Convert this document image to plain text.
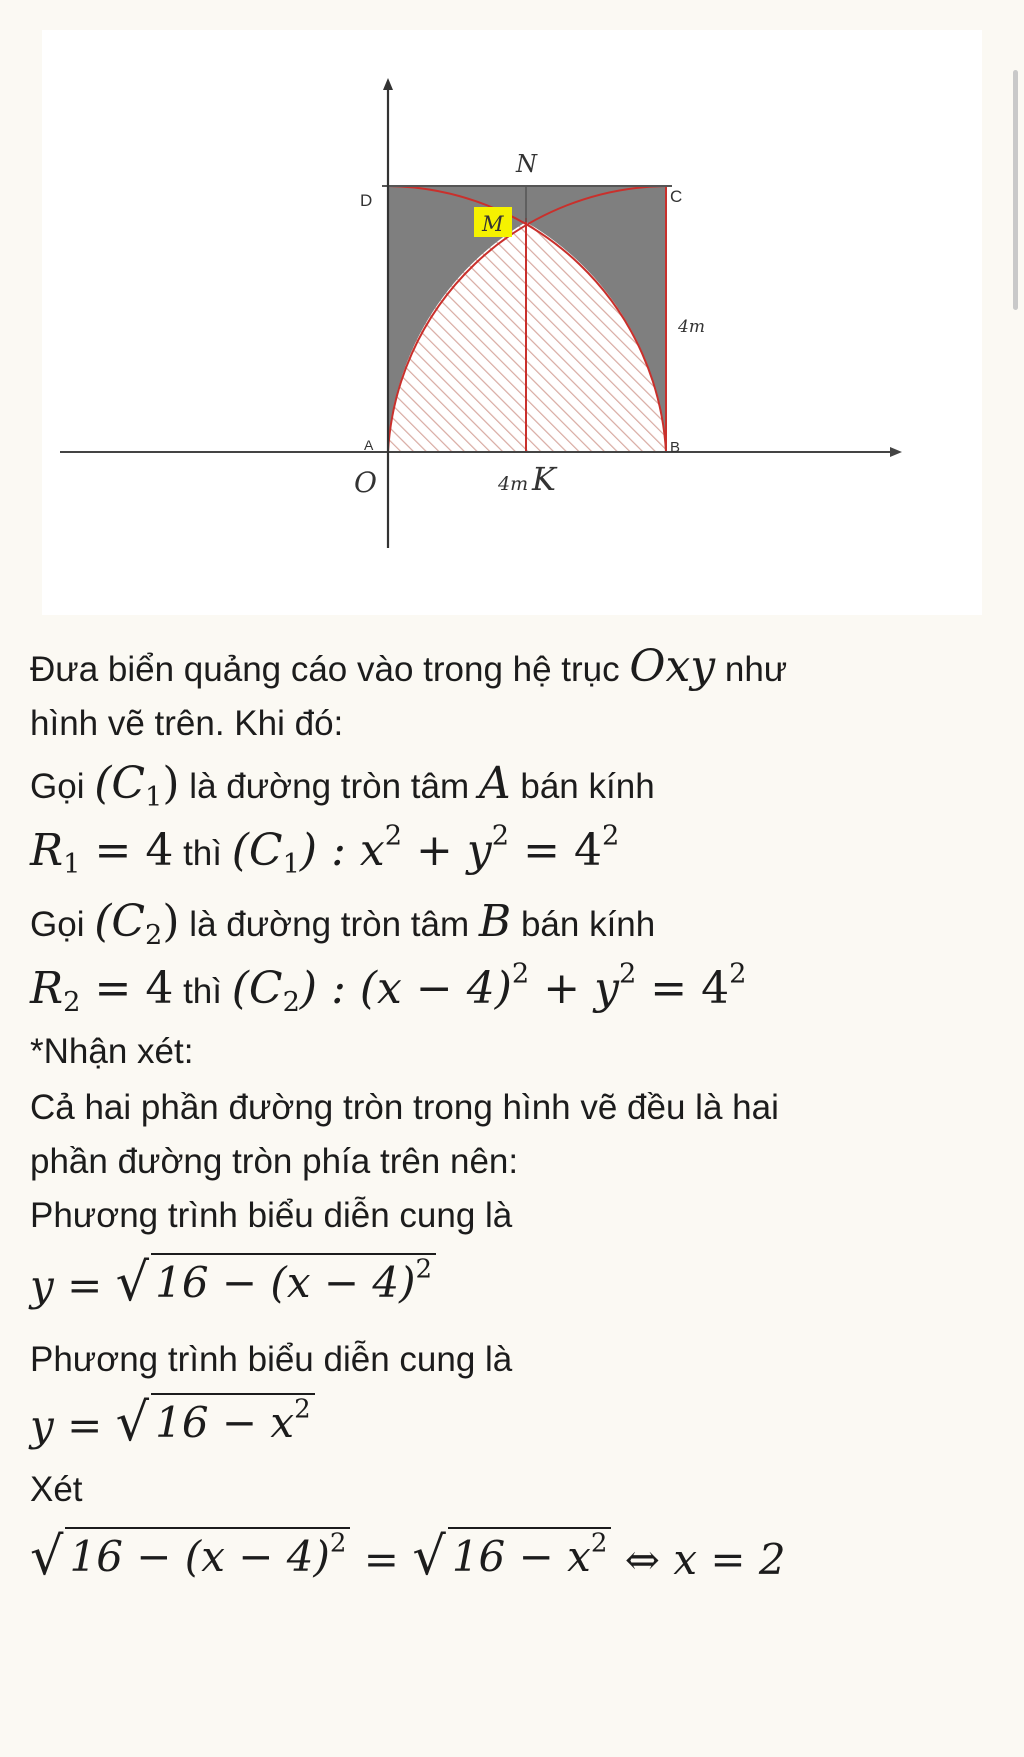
N
D	C
M
4m
A	B
O	4m K
Đưa biển quảng cáo vào trong hệ trục Oxy như
hình vẽ trên. Khi đó:
Gọi $(C_1)$ là đường tròn tâm A bán kính
$R_1 = 4$ thì $(C_1)$ : $x^2 + y^2 = 4^2$
Gọi $(C_2)$ là đường tròn tâm B bán kính
$R_2 = 4$ thì $(C_2)$ : $(x - 4)^2 + y^2 = 4^2$
*Nhận xét:
Cả hai phần đường tròn trong hình vẽ đều là hai
phần đường tròn phía trên nên:
Phương trình biểu diễn cung là
y = √ $16 - (x - 4)^2$
Phương trình biểu diễn cung là
y = √ $16 - x^2$
Xét
√ $16 - (x - 4)^2$ = √ $16 - x^2$ ⇔ x = 2
